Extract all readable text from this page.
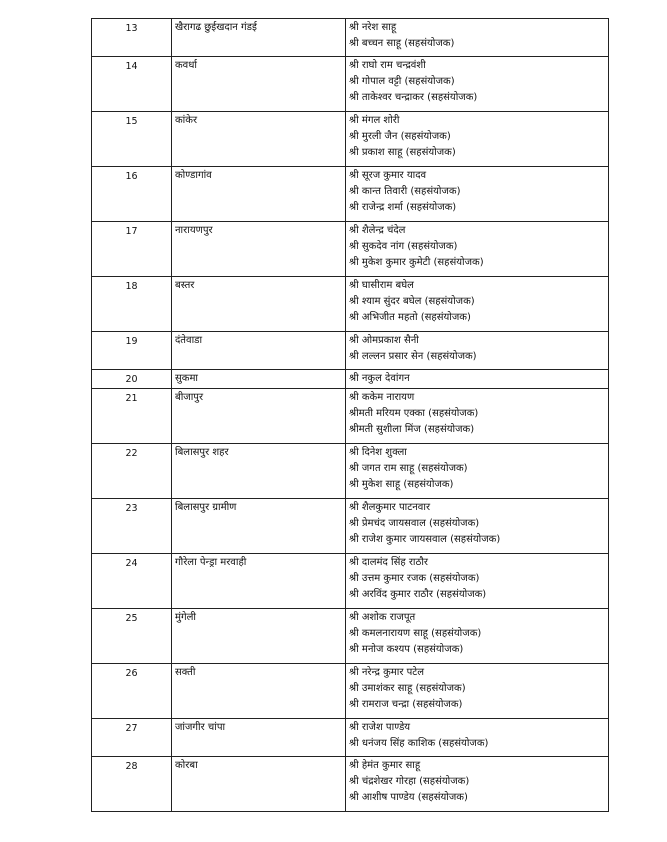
13	खैरागढ छुईखदान गंडई	श्री नरेश साहू
श्री बच्चन साहू (सहसंयोजक)

14	कवर्धा	श्री राघो राम चन्द्रवंशी
श्री गोपाल वट्टी (सहसंयोजक)
श्री ताकेश्वर चन्द्राकर (सहसंयोजक)

15	कांकेर	श्री मंगल शोरी
श्री मुरली जैन (सहसंयोजक)
श्री प्रकाश साहू (सहसंयोजक)

16	कोण्डागांव	श्री सूरज कुमार यादव
श्री कान्त तिवारी (सहसंयोजक)
श्री राजेन्द्र शर्मा (सहसंयोजक)

17	नारायणपुर	श्री शैलेन्द्र चंदेल
श्री सुकदेव नांग (सहसंयोजक)
श्री मुकेश कुमार कुमेटी (सहसंयोजक)

18	बस्तर	श्री घासीराम बघेल
श्री श्याम सुंदर बघेल (सहसंयोजक)
श्री अभिजीत महतो (सहसंयोजक)

19	दंतेवाडा	श्री ओमप्रकाश सैनी
श्री लल्लन प्रसार सेन (सहसंयोजक)

20	सुकमा	श्री नकुल देवांगन

21	बीजापुर	श्री ककेम नारायण
श्रीमती मरियम एक्का (सहसंयोजक)
श्रीमती सुशीला मिंज (सहसंयोजक)

22	बिलासपुर शहर	श्री दिनेश शुक्ला
श्री जगत राम साहू (सहसंयोजक)
श्री मुकेश साहू (सहसंयोजक)

23	बिलासपुर ग्रामीण	श्री शैलकुमार पाटनवार
श्री प्रेमचंद जायसवाल (सहसंयोजक)
श्री राजेश कुमार जायसवाल (सहसंयोजक)

24	गौरेला पेन्ड्रा मरवाही	श्री दालमंद सिंह राठौर
श्री उत्तम कुमार रजक (सहसंयोजक)
श्री अरविंद कुमार राठौर (सहसंयोजक)

25	मुंगेली	श्री अशोक राजपूत
श्री कमलनारायण साहू (सहसंयोजक)
श्री मनोज कश्यप (सहसंयोजक)

26	सक्ती	श्री नरेन्द्र कुमार पटेल
श्री उमाशंकर साहू (सहसंयोजक)
श्री रामराज चन्द्रा (सहसंयोजक)

27	जांजगीर चांपा	श्री राजेश पाण्डेय
श्री धनंजय सिंह काशिक (सहसंयोजक)

28	कोरबा	श्री हेमंत कुमार साहू
श्री चंद्रशेखर गोरहा (सहसंयोजक)
श्री आशीष पाण्डेय (सहसंयोजक)
